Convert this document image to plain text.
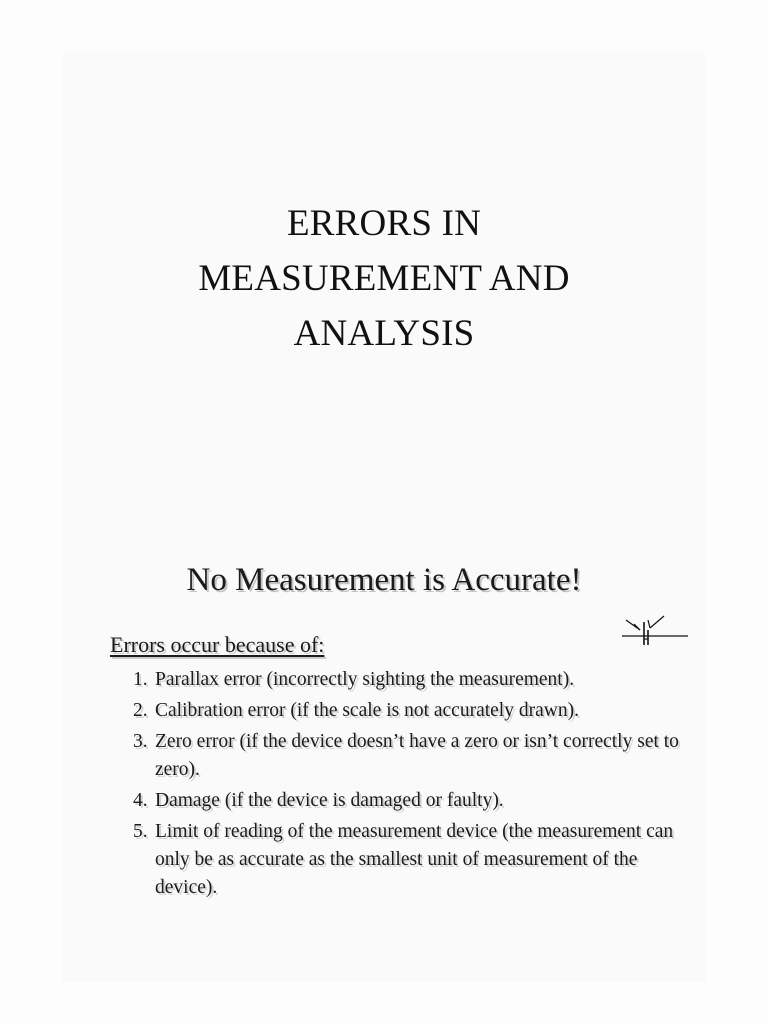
ERRORS IN
MEASUREMENT AND
ANALYSIS
No Measurement is Accurate!
Errors occur because of:
1. Parallax error (incorrectly sighting the measurement).
2. Calibration error (if the scale is not accurately drawn).
3. Zero error (if the device doesn’t have a zero or isn’t correctly set to zero).
4. Damage (if the device is damaged or faulty).
5. Limit of reading of the measurement device (the measurement can only be as accurate as the smallest unit of measurement of the device).
